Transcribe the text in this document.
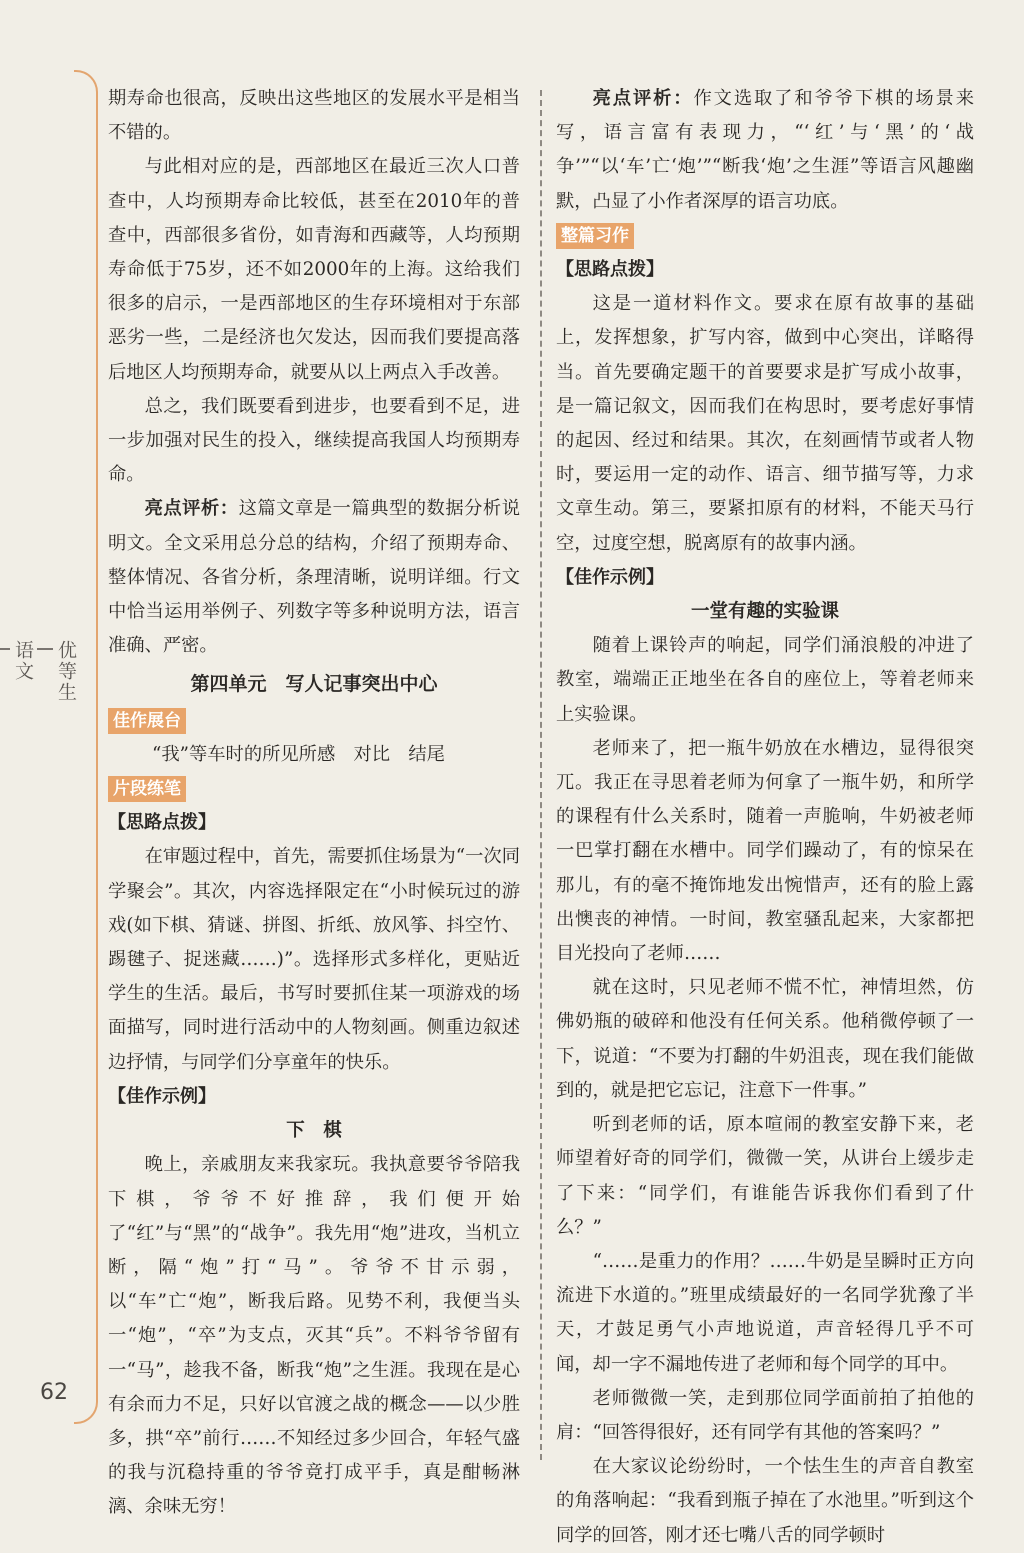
优等生
语文
62

期寿命也很高，反映出这些地区的发展水平是相当不错的。

与此相对应的是，西部地区在最近三次人口普查中，人均预期寿命比较低，甚至在2010年的普查中，西部很多省份，如青海和西藏等，人均预期寿命低于75岁，还不如2000年的上海。这给我们很多的启示，一是西部地区的生存环境相对于东部恶劣一些，二是经济也欠发达，因而我们要提高落后地区人均预期寿命，就要从以上两点入手改善。

总之，我们既要看到进步，也要看到不足，进一步加强对民生的投入，继续提高我国人均预期寿命。

亮点评析：这篇文章是一篇典型的数据分析说明文。全文采用总分总的结构，介绍了预期寿命、整体情况、各省分析，条理清晰，说明详细。行文中恰当运用举例子、列数字等多种说明方法，语言准确、严密。

第四单元　写人记事突出中心
佳作展台

“我”等车时的所见所感　对比　结尾

片段练笔

【思路点拨】

在审题过程中，首先，需要抓住场景为“一次同学聚会”。其次，内容选择限定在“小时候玩过的游戏(如下棋、猜谜、拼图、折纸、放风筝、抖空竹、踢毽子、捉迷藏……)”。选择形式多样化，更贴近学生的生活。最后，书写时要抓住某一项游戏的场面描写，同时进行活动中的人物刻画。侧重边叙述边抒情，与同学们分享童年的快乐。

【佳作示例】

下　棋

晚上，亲戚朋友来我家玩。我执意要爷爷陪我下棋，爷爷不好推辞，我们便开始了“红”与“黑”的“战争”。我先用“炮”进攻，当机立断，隔“炮”打“马”。爷爷不甘示弱，以“车”亡“炮”，断我后路。见势不利，我便当头一“炮”，“卒”为支点，灭其“兵”。不料爷爷留有一“马”，趁我不备，断我“炮”之生涯。我现在是心有余而力不足，只好以官渡之战的概念——以少胜多，拱“卒”前行……不知经过多少回合，年轻气盛的我与沉稳持重的爷爷竟打成平手，真是酣畅淋漓、余味无穷！

亮点评析：作文选取了和爷爷下棋的场景来写，语言富有表现力，“‘红’与‘黑’的‘战争’”“以‘车’亡‘炮’”“断我‘炮’之生涯”等语言风趣幽默，凸显了小作者深厚的语言功底。

整篇习作

【思路点拨】

这是一道材料作文。要求在原有故事的基础上，发挥想象，扩写内容，做到中心突出，详略得当。首先要确定题干的首要要求是扩写成小故事，是一篇记叙文，因而我们在构思时，要考虑好事情的起因、经过和结果。其次，在刻画情节或者人物时，要运用一定的动作、语言、细节描写等，力求文章生动。第三，要紧扣原有的材料，不能天马行空，过度空想，脱离原有的故事内涵。

【佳作示例】

一堂有趣的实验课

随着上课铃声的响起，同学们涌浪般的冲进了教室，端端正正地坐在各自的座位上，等着老师来上实验课。

老师来了，把一瓶牛奶放在水槽边，显得很突兀。我正在寻思着老师为何拿了一瓶牛奶，和所学的课程有什么关系时，随着一声脆响，牛奶被老师一巴掌打翻在水槽中。同学们躁动了，有的惊呆在那儿，有的毫不掩饰地发出惋惜声，还有的脸上露出懊丧的神情。一时间，教室骚乱起来，大家都把目光投向了老师……

就在这时，只见老师不慌不忙，神情坦然，仿佛奶瓶的破碎和他没有任何关系。他稍微停顿了一下，说道：“不要为打翻的牛奶沮丧，现在我们能做到的，就是把它忘记，注意下一件事。”

听到老师的话，原本喧闹的教室安静下来，老师望着好奇的同学们，微微一笑，从讲台上缓步走了下来：“同学们，有谁能告诉我你们看到了什么？”

“……是重力的作用？……牛奶是呈瞬时正方向流进下水道的。”班里成绩最好的一名同学犹豫了半天，才鼓足勇气小声地说道，声音轻得几乎不可闻，却一字不漏地传进了老师和每个同学的耳中。

老师微微一笑，走到那位同学面前拍了拍他的肩：“回答得很好，还有同学有其他的答案吗？”

在大家议论纷纷时，一个怯生生的声音自教室的角落响起：“我看到瓶子掉在了水池里。”听到这个同学的回答，刚才还七嘴八舌的同学顿时
